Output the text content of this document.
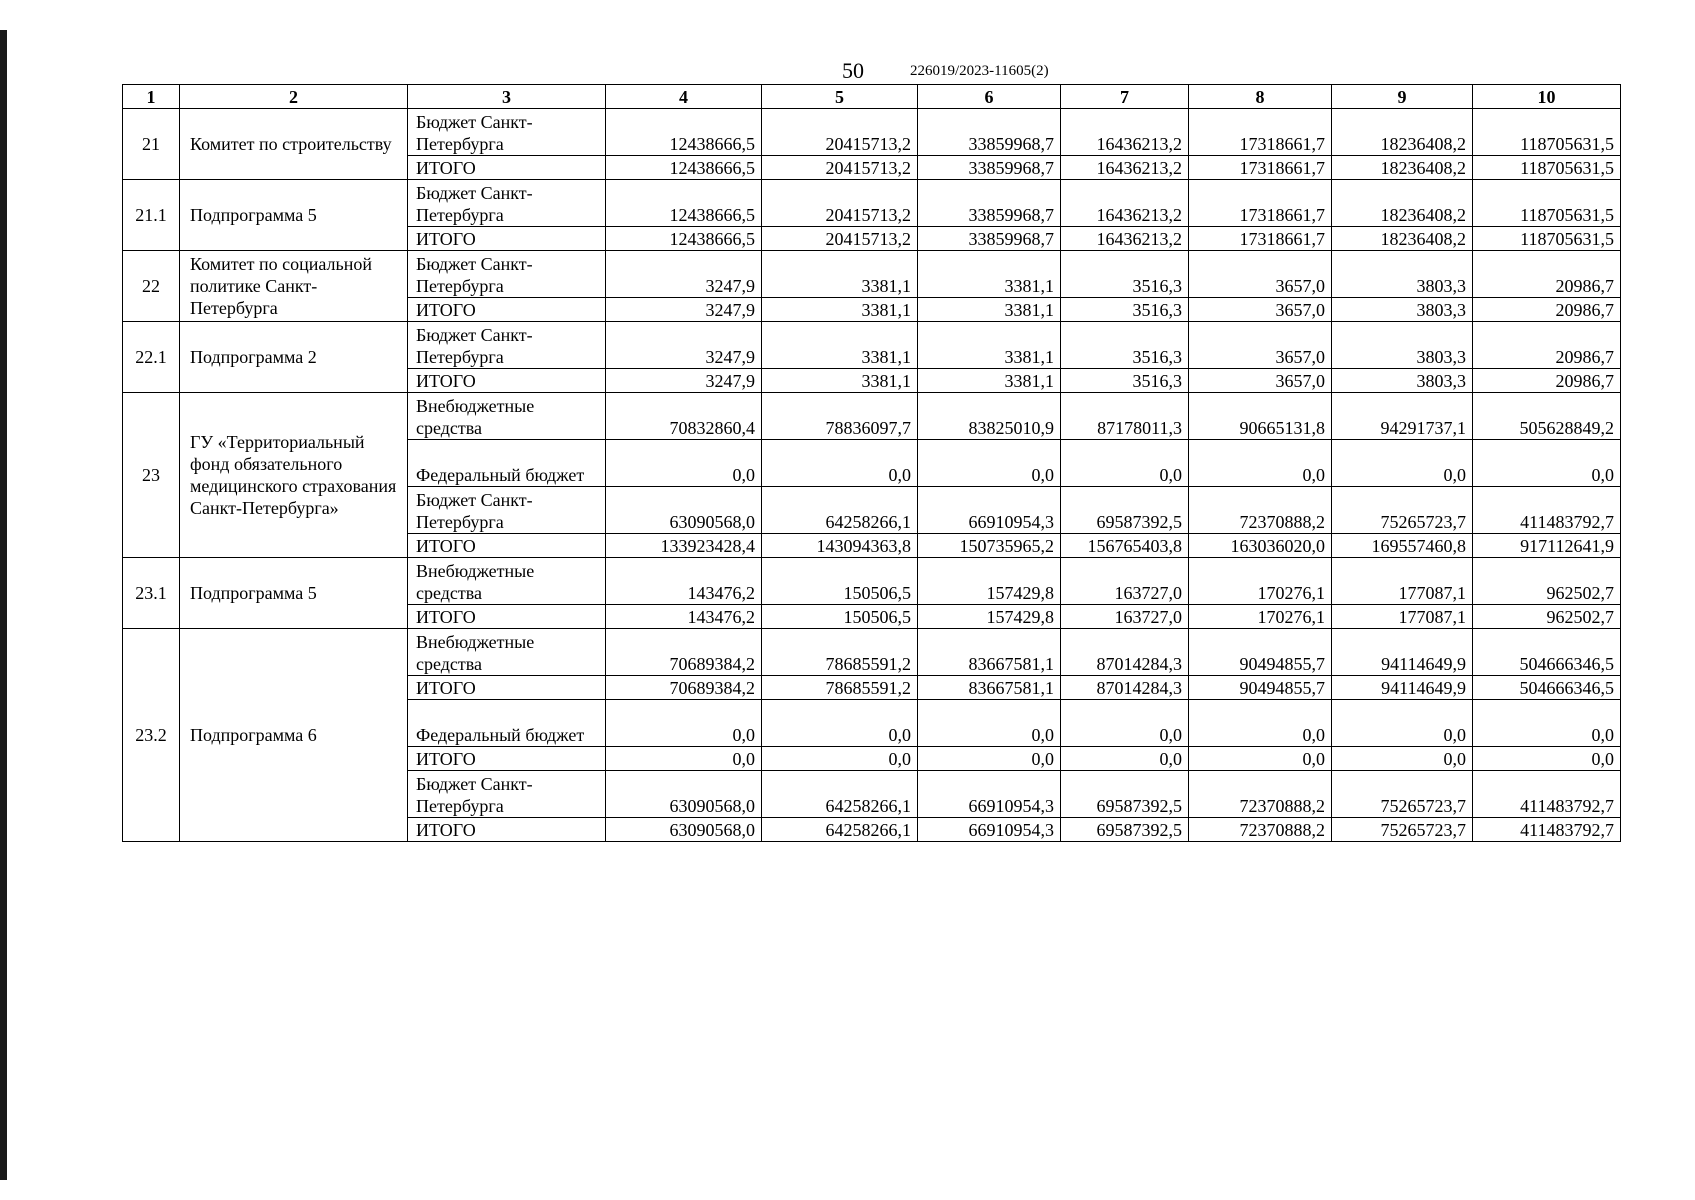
50	226019/2023-11605(2)
1	2	3	4	5	6	7	8	9	10
21	Комитет по строительству	Бюджет Санкт-Петербурга	12438666,5	20415713,2	33859968,7	16436213,2	17318661,7	18236408,2	118705631,5
		ИТОГО	12438666,5	20415713,2	33859968,7	16436213,2	17318661,7	18236408,2	118705631,5
21.1	Подпрограмма 5	Бюджет Санкт-Петербурга	12438666,5	20415713,2	33859968,7	16436213,2	17318661,7	18236408,2	118705631,5
		ИТОГО	12438666,5	20415713,2	33859968,7	16436213,2	17318661,7	18236408,2	118705631,5
22	Комитет по социальной политике Санкт-Петербурга	Бюджет Санкт-Петербурга	3247,9	3381,1	3381,1	3516,3	3657,0	3803,3	20986,7
		ИТОГО	3247,9	3381,1	3381,1	3516,3	3657,0	3803,3	20986,7
22.1	Подпрограмма 2	Бюджет Санкт-Петербурга	3247,9	3381,1	3381,1	3516,3	3657,0	3803,3	20986,7
		ИТОГО	3247,9	3381,1	3381,1	3516,3	3657,0	3803,3	20986,7
23	ГУ «Территориальный фонд обязательного медицинского страхования Санкт-Петербурга»	Внебюджетные средства	70832860,4	78836097,7	83825010,9	87178011,3	90665131,8	94291737,1	505628849,2
		Федеральный бюджет	0,0	0,0	0,0	0,0	0,0	0,0	0,0
		Бюджет Санкт-Петербурга	63090568,0	64258266,1	66910954,3	69587392,5	72370888,2	75265723,7	411483792,7
		ИТОГО	133923428,4	143094363,8	150735965,2	156765403,8	163036020,0	169557460,8	917112641,9
23.1	Подпрограмма 5	Внебюджетные средства	143476,2	150506,5	157429,8	163727,0	170276,1	177087,1	962502,7
		ИТОГО	143476,2	150506,5	157429,8	163727,0	170276,1	177087,1	962502,7
23.2	Подпрограмма 6	Внебюджетные средства	70689384,2	78685591,2	83667581,1	87014284,3	90494855,7	94114649,9	504666346,5
		ИТОГО	70689384,2	78685591,2	83667581,1	87014284,3	90494855,7	94114649,9	504666346,5
		Федеральный бюджет	0,0	0,0	0,0	0,0	0,0	0,0	0,0
		ИТОГО	0,0	0,0	0,0	0,0	0,0	0,0	0,0
		Бюджет Санкт-Петербурга	63090568,0	64258266,1	66910954,3	69587392,5	72370888,2	75265723,7	411483792,7
		ИТОГО	63090568,0	64258266,1	66910954,3	69587392,5	72370888,2	75265723,7	411483792,7
